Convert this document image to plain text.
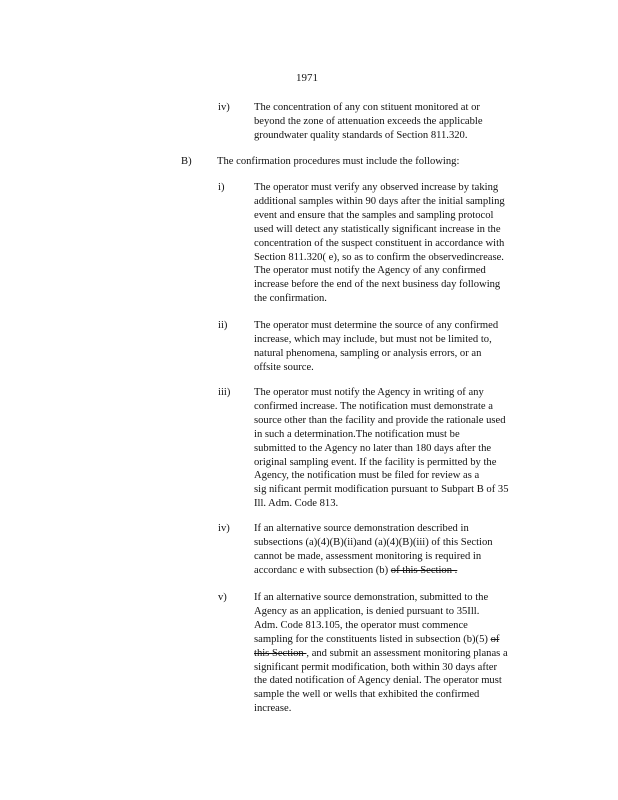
1971
iv) The concentration of any con stituent monitored at or
beyond the zone of attenuation exceeds the applicable
groundwater quality standards of Section 811.320.
B) The confirmation procedures must include the following:
i)	The operator must verify any observed increase by taking
additional samples within 90 days after the initial sampling
event and ensure that the samples and sampling protocol
used will detect any statistically significant increase in the
concentration of the suspect constituent in accordance with
Section 811.320( e), so as to confirm the observedincrease.
The operator must notify the Agency of any confirmed
increase before the end of the next business day following
the confirmation.
ii)	The operator must determine the source of any confirmed
increase, which may include, but must not be limited to,
natural phenomena, sampling or analysis errors, or an
offsite source.
iii) The operator must notify the Agency in writing of any
confirmed increase. The notification must demonstrate a
source other than the facility and provide the rationale used
in such a determination.The notification must be
submitted to the Agency no later than 180 days after the
original sampling event. If the facility is permitted by the
Agency, the notification must be filed for review as a
sig nificant permit modification pursuant to Subpart B of 35
Ill. Adm. Code 813.
iv) If an alternative source demonstration described in
subsections (a)(4)(B)(ii)and (a)(4)(B)(iii) of this Section
cannot be made, assessment monitoring is required in
accordanc e with subsection (b) of this Section .
v)	If an alternative source demonstration, submitted to the
Agency as an application, is denied pursuant to 35Ill.
Adm. Code 813.105, the operator must commence
sampling for the constituents listed in subsection (b)(5) of
this Section , and submit an assessment monitoring planas a
significant permit modification, both within 30 days after
the dated notification of Agency denial. The operator must
sample the well or wells that exhibited the confirmed
increase.
